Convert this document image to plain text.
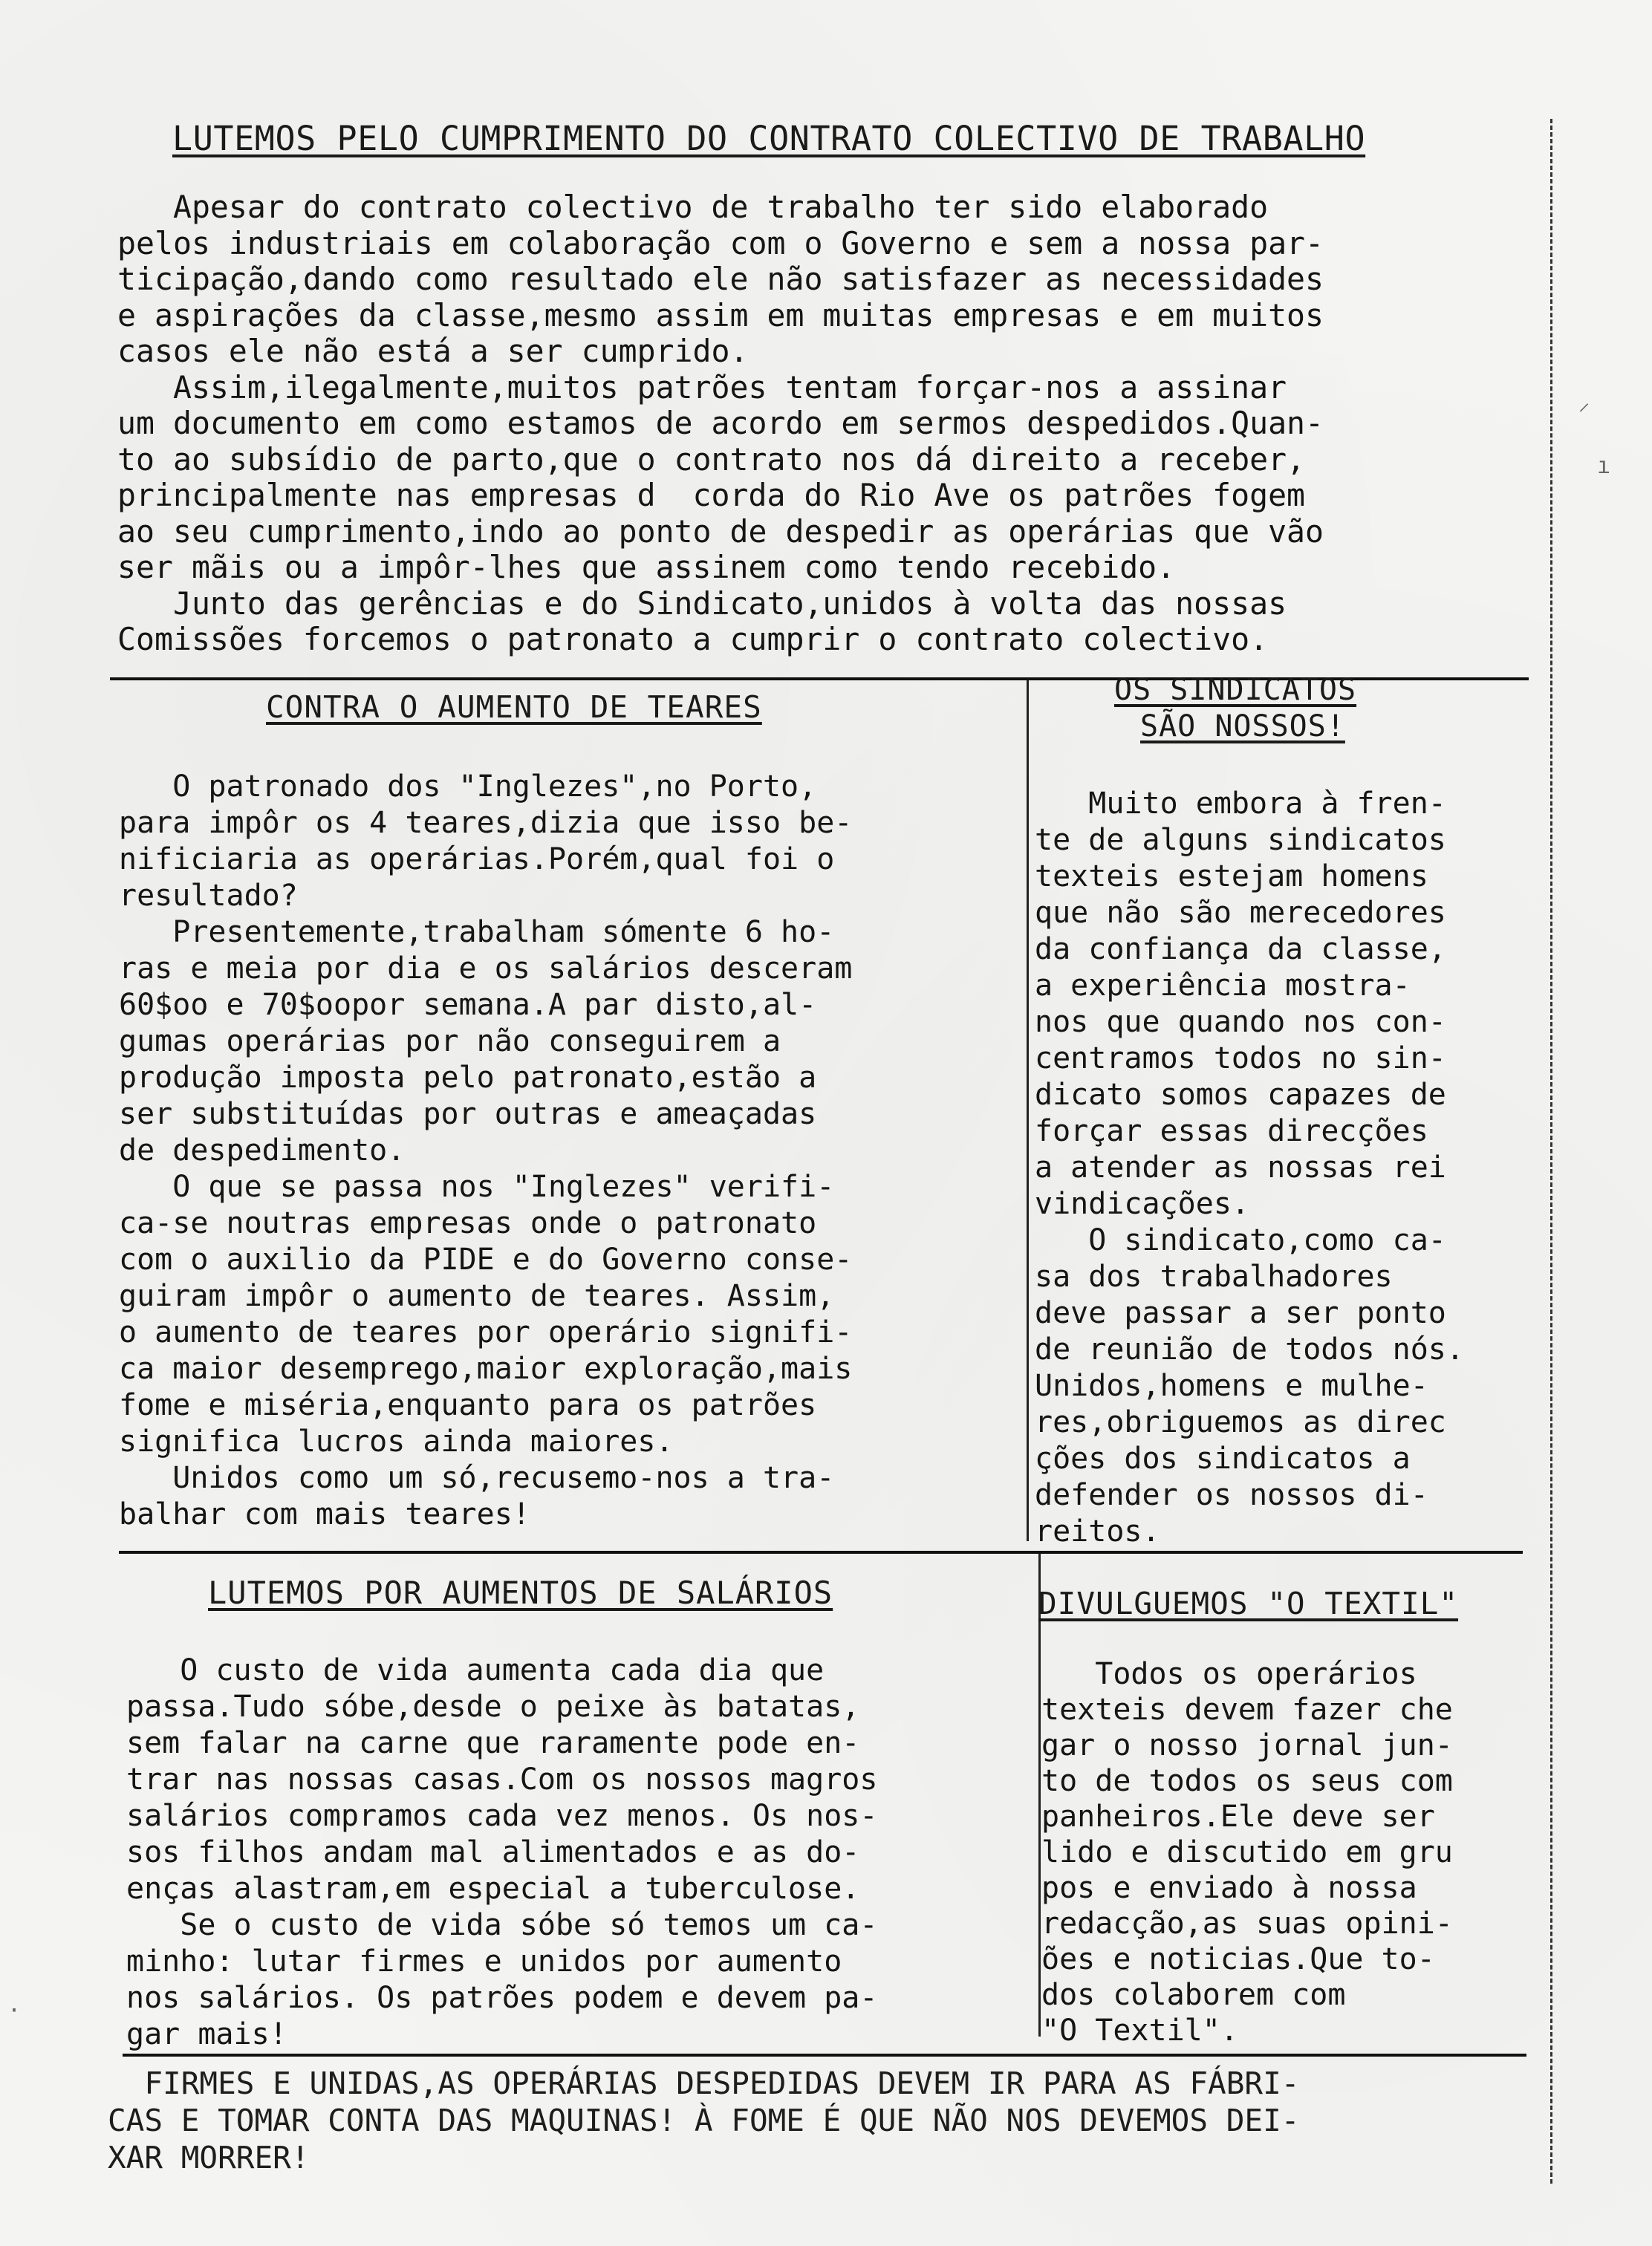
LUTEMOS PELO CUMPRIMENTO DO CONTRATO COLECTIVO DE TRABALHO
Apesar do contrato colectivo de trabalho ter sido elaborado
pelos industriais em colaboração com o Governo e sem a nossa par-
ticipação,dando como resultado ele não satisfazer as necessidades
e aspirações da classe,mesmo assim em muitas empresas e em muitos
casos ele não está a ser cumprido.
Assim,ilegalmente,muitos patrões tentam forçar-nos a assinar
um documento em como estamos de acordo em sermos despedidos.Quan-
to ao subsídio de parto,que o contrato nos dá direito a receber,
principalmente nas empresas d  corda do Rio Ave os patrões fogem
ao seu cumprimento,indo ao ponto de despedir as operárias que vão
ser mãis ou a impôr-lhes que assinem como tendo recebido.
Junto das gerências e do Sindicato,unidos à volta das nossas
Comissões forcemos o patronato a cumprir o contrato colectivo.
CONTRA O AUMENTO DE TEARES
O patronado dos "Inglezes",no Porto,
para impôr os 4 teares,dizia que isso be-
nificiaria as operárias.Porém,qual foi o
resultado?
Presentemente,trabalham sómente 6 ho-
ras e meia por dia e os salários desceram
60$oo e 70$oopor semana.A par disto,al-
gumas operárias por não conseguirem a
produção imposta pelo patronato,estão a
ser substituídas por outras e ameaçadas
de despedimento.
O que se passa nos "Inglezes" verifi-
ca-se noutras empresas onde o patronato
com o auxilio da PIDE e do Governo conse-
guiram impôr o aumento de teares. Assim,
o aumento de teares por operário signifi-
ca maior desemprego,maior exploração,mais
fome e miséria,enquanto para os patrões
significa lucros ainda maiores.
Unidos como um só,recusemo-nos a tra-
balhar com mais teares!
OS SINDICATOS
SÃO NOSSOS!
Muito embora à fren-
te de alguns sindicatos
texteis estejam homens
que não são merecedores
da confiança da classe,
a experiência mostra-
nos que quando nos con-
centramos todos no sin-
dicato somos capazes de
forçar essas direcções
a atender as nossas rei
vindicações.
O sindicato,como ca-
sa dos trabalhadores
deve passar a ser ponto
de reunião de todos nós.
Unidos,homens e mulhe-
res,obriguemos as direc
ções dos sindicatos a
defender os nossos di-
reitos.
LUTEMOS POR AUMENTOS DE SALÁRIOS
O custo de vida aumenta cada dia que
passa.Tudo sóbe,desde o peixe às batatas,
sem falar na carne que raramente pode en-
trar nas nossas casas.Com os nossos magros
salários compramos cada vez menos. Os nos-
sos filhos andam mal alimentados e as do-
enças alastram,em especial a tuberculose.
Se o custo de vida sóbe só temos um ca-
minho: lutar firmes e unidos por aumento
nos salários. Os patrões podem e devem pa-
gar mais!
DIVULGUEMOS "O TEXTIL"
Todos os operários
texteis devem fazer che
gar o nosso jornal jun-
to de todos os seus com
panheiros.Ele deve ser
lido e discutido em gru
pos e enviado à nossa
redacção,as suas opini-
ões e noticias.Que to-
dos colaborem com
"O Textil".
FIRMES E UNIDAS,AS OPERÁRIAS DESPEDIDAS DEVEM IR PARA AS FÁBRI-
CAS E TOMAR CONTA DAS MAQUINAS! À FOME É QUE NÃO NOS DEVEMOS DEI-
XAR MORRER!
⸝
ı
·
